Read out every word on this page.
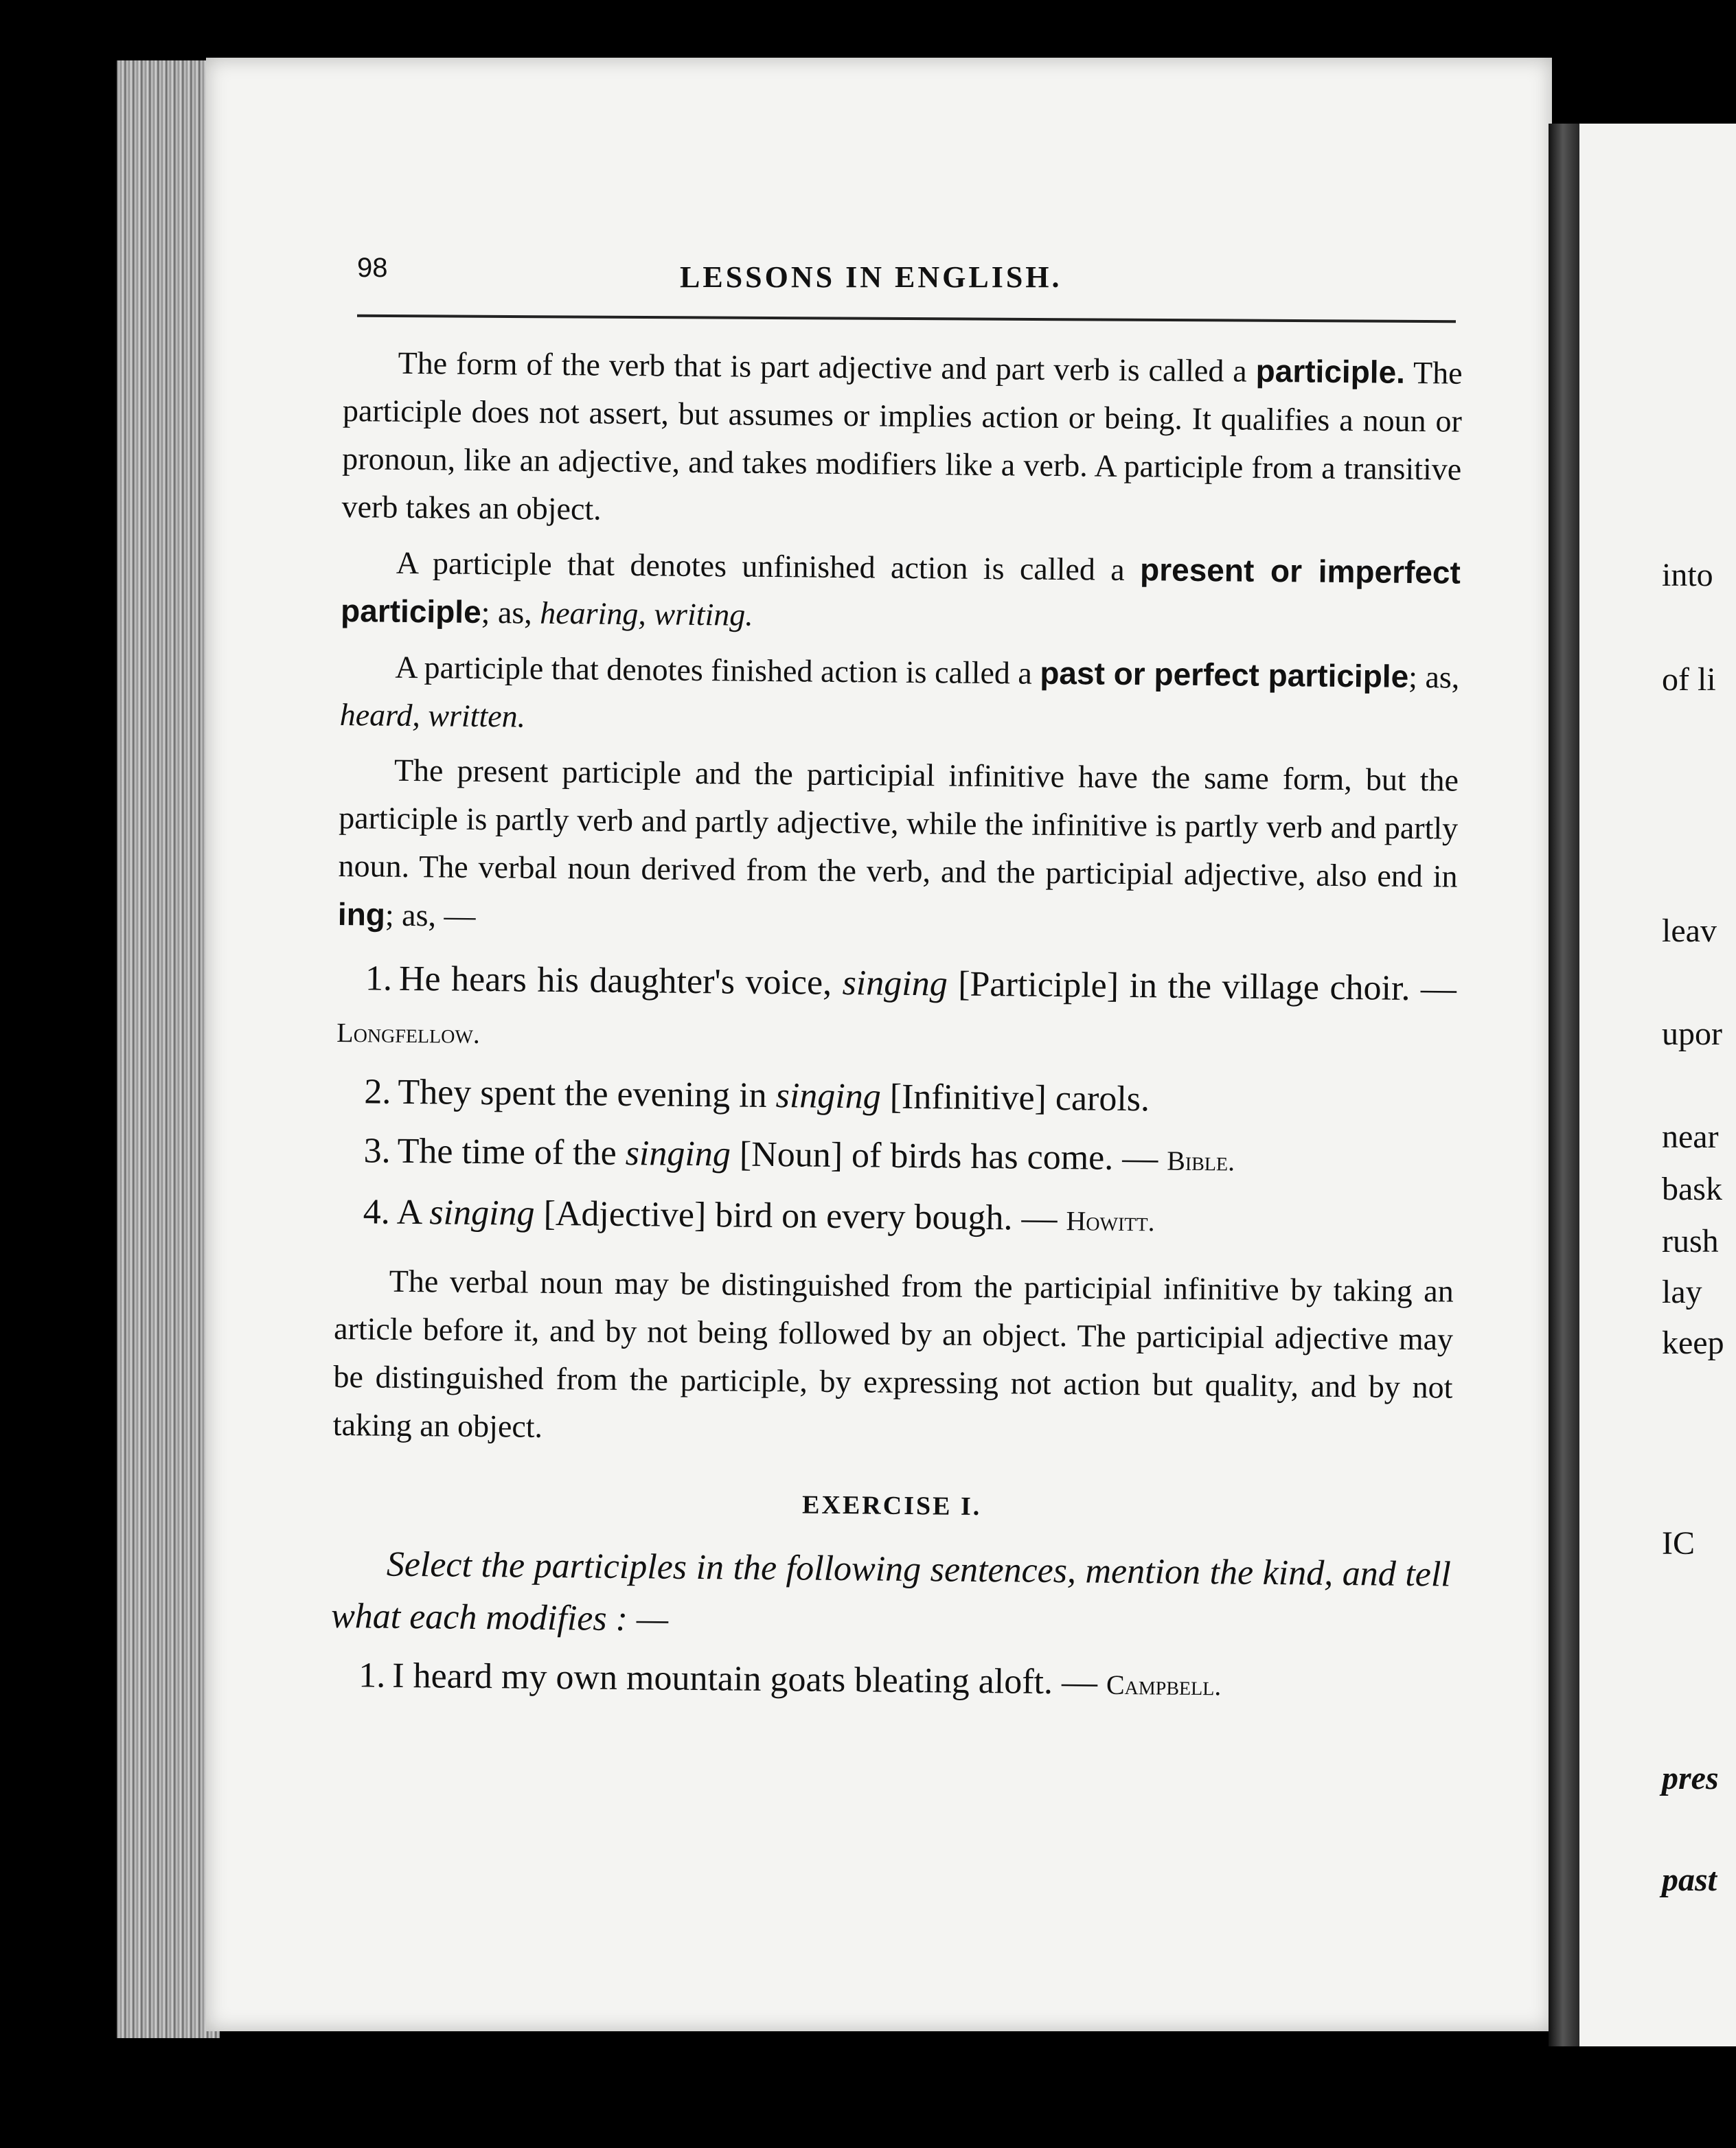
into
of li
leav
upor
near
bask
rush
lay
keep
IC
pres
past
98	LESSONS IN ENGLISH.

The form of the verb that is part adjective and part verb is called a participle. The participle does not assert, but assumes or implies action or being. It qualifies a noun or pronoun, like an adjective, and takes modifiers like a verb. A participle from a transitive verb takes an object.

A participle that denotes unfinished action is called a present or imperfect participle; as, hearing, writing.

A participle that denotes finished action is called a past or perfect participle; as, heard, written.

The present participle and the participial infinitive have the same form, but the participle is partly verb and partly adjective, while the infinitive is partly verb and partly noun. The verbal noun derived from the verb, and the participial adjective, also end in ing; as, —

1. He hears his daughter's voice, singing [Participle] in the village choir. — Longfellow.

2. They spent the evening in singing [Infinitive] carols.

3. The time of the singing [Noun] of birds has come. — Bible.

4. A singing [Adjective] bird on every bough. — Howitt.

The verbal noun may be distinguished from the participial infinitive by taking an article before it, and by not being followed by an object. The participial adjective may be distinguished from the participle, by expressing not action but quality, and by not taking an object.

EXERCISE I.

Select the participles in the following sentences, mention the kind, and tell what each modifies : —

1. I heard my own mountain goats bleating aloft. — Campbell.
